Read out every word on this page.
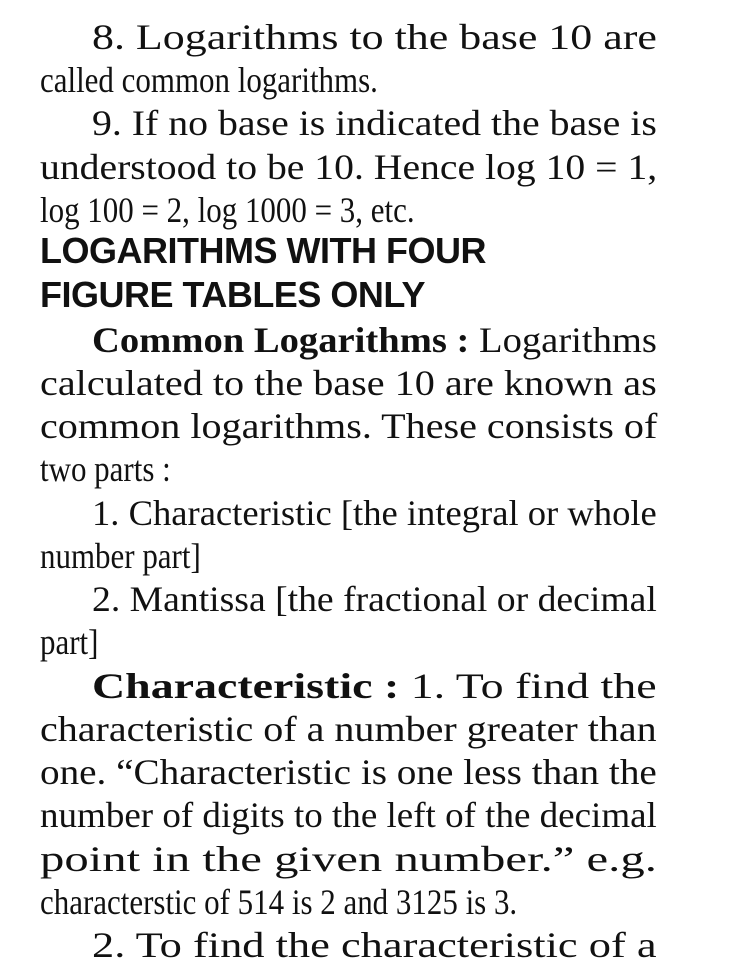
8. Logarithms to the base 10 are
called common logarithms.
9. If no base is indicated the base is
understood to be 10. Hence log 10 = 1,
log 100 = 2, log 1000 = 3, etc.
LOGARITHMS WITH FOUR
FIGURE TABLES ONLY
Common Logarithms : Logarithms
calculated to the base 10 are known as
common logarithms. These consists of
two parts :
1. Characteristic [the integral or whole
number part]
2. Mantissa [the fractional or decimal
part]
Characteristic : 1. To find the
characteristic of a number greater than
one. “Characteristic is one less than the
number of digits to the left of the decimal
point in the given number.” e.g.
characterstic of 514 is 2 and 3125 is 3.
2. To find the characteristic of a
